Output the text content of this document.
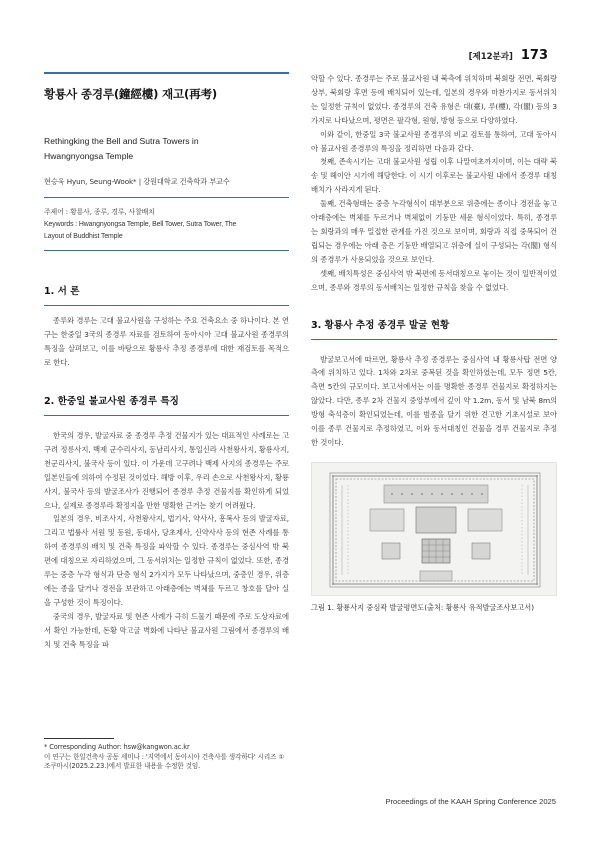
[제12분과] 173
황룡사 종경루(鐘經樓) 재고(再考)
Rethingking the Bell and Sutra Towers in
Hwangnyongsa Temple
현승욱 Hyun, Seung-Wook* | 강원대학교 건축학과 부교수
주제어 : 황룡사, 종루, 경루, 사찰배치
Keywords : Hwangnyongsa Temple, Bell Tower, Sutra Tower, The
Layout of Buddhist Temple
1. 서 론

종루와 경루는 고대 불교사원을 구성하는 주요 건축요소 중 하나이다. 본 연구는 한중일 3국의 종경루 자료를 검토하여 동아시아 고대 불교사원 종경루의 특징을 살펴보고, 이를 바탕으로 황룡사 추정 종경루에 대한 재검토를 목적으로 한다.

2. 한중일 불교사원 종경루 특징

한국의 경우, 발굴자료 중 종경루 추정 건물지가 있는 대표적인 사례로는 고구려 정릉사지, 백제 군수리사지, 동남리사지, 통일신라 사천왕사지, 황룡사지, 천군리사지, 불국사 등이 있다. 이 가운데 고구려나 백제 사지의 종경루는 주로 일본인들에 의하여 수정된 것이었다. 해방 이후, 우리 손으로 사천왕사지, 황룡사지, 불국사 등의 발굴조사가 진행되어 종경루 추정 건물지를 확인하게 되었으나, 실제로 종경루라 확정지을 만한 명확한 근거는 찾기 어려웠다.

일본의 경우, 비조사지, 사천왕사지, 법기사, 약사사, 흥복사 등의 발굴자료, 그리고 법륭사 서원 및 동원, 동대사, 당초제사, 신약사사 등의 현존 사례를 통하여 종경루의 배치 및 건축 특징을 파악할 수 있다. 종경루는 중심사역 밖 북편에 대칭으로 자리하였으며, 그 동서위치는 일정한 규칙이 없었다. 또한, 종경루는 중층 누각 형식과 단층 형식 2가지가 모두 나타났으며, 중층인 경우, 위층에는 종을 달거나 경전을 보관하고 아래층에는 벽체를 두르고 창호를 달아 실을 구성한 것이 특징이다.

중국의 경우, 발굴자료 및 현존 사례가 극히 드물기 때문에 주로 도상자료에서 확인 가능한데, 돈황 막고굴 벽화에 나타난 불교사원 그림에서 종경루의 배치 및 건축 특징을 파

악할 수 있다. 종경루는 주로 불교사원 내 북측에 위치하며 북회랑 전면, 북회랑 상부, 북회랑 후면 등에 배치되어 있는데, 일본의 경우와 마찬가지로 동서위치는 일정한 규칙이 없었다. 종경루의 건축 유형은 대(臺), 루(樓), 각(閣) 등의 3가지로 나타났으며, 평면은 팔각형, 원형, 방형 등으로 다양하였다.

이와 같이, 한중일 3국 불교사원 종경루의 비교 검토를 통하여, 고대 동아시아 불교사원 종경루의 특징을 정리하면 다음과 같다.

첫째, 존속시기는 고대 불교사원 성립 이후 나말여초까지이며, 이는 대략 북송 및 헤이안 시기에 해당한다. 이 시기 이후로는 불교사원 내에서 종경루 대칭배치가 사라지게 된다.

둘째, 건축형태는 중층 누각형식이 대부분으로 위층에는 종이나 경전을 놓고 아래층에는 벽체를 두르거나 벽체없이 기둥만 세운 형식이었다. 특히, 종경루는 회랑과의 매우 밀접한 관계를 가진 것으로 보이며, 회랑과 직접 중복되어 건립되는 경우에는 아래 층은 기둥만 배열되고 위층에 실이 구성되는 각(閣) 형식의 종경루가 사용되었을 것으로 보인다.

셋째, 배치특성은 중심사역 밖 북편에 동서대칭으로 놓이는 것이 일반적이었으며, 종루와 경루의 동서배치는 일정한 규칙을 찾을 수 없었다.

3. 황룡사 추정 종경루 발굴 현황

발굴보고서에 따르면, 황룡사 추정 종경루는 중심사역 내 황룡사탑 전면 양측에 위치하고 있다. 1차와 2차로 중복된 것을 확인하였는데, 모두 정면 5칸, 측면 5칸의 규모이다. 보고서에서는 이를 명확한 종경루 건물지로 확정하지는 않았다. 다만, 종루 2차 건물지 중앙부에서 깊이 약 1.2m, 동서 및 남북 8m의 방형 축석층이 확인되었는데, 이를 범종을 달기 위한 견고한 기초시설로 보아 이를 종루 건물지로 추정하였고, 이와 동서대칭인 건물을 경루 건물지로 추정한 것이다.

그림 1. 황룡사지 중심곽 발굴평면도(출처: 황룡사 유적발굴조사보고서)
* Corresponding Author: hsw@kangwon.ac.kr
이 연구는 한일건축사 공동 세미나 : '지역에서 동아시아 건축사를 생각하다' 시리즈 ①조쿠마시(2025.2.23.)에서 발표한 내용을 수정한 것임.
Proceedings of the KAAH Spring Conference 2025
